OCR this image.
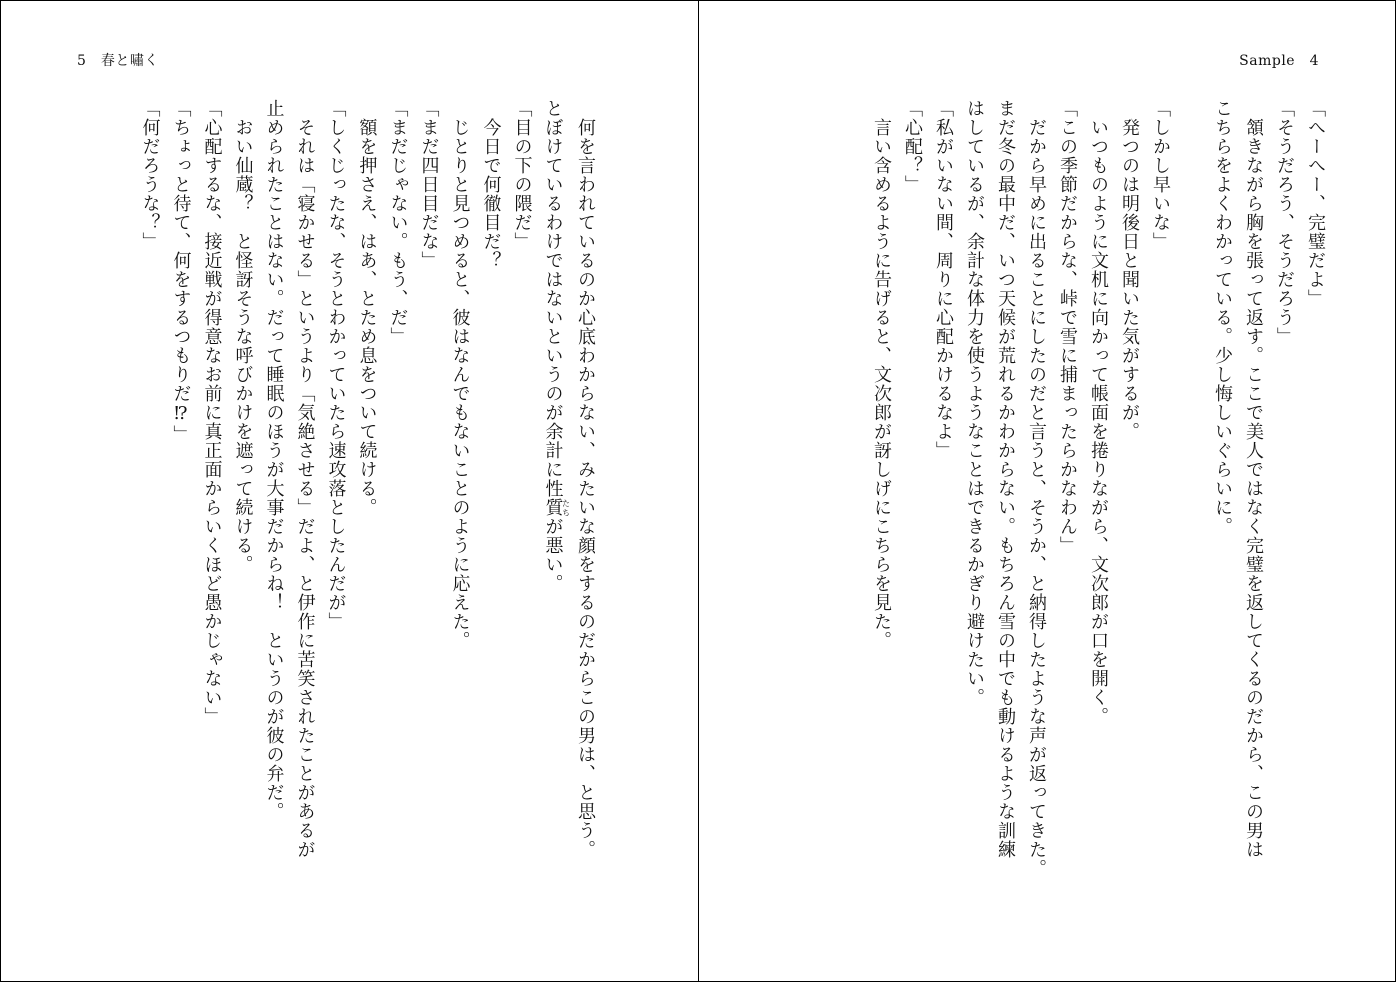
5　春と嘯く
　何を言われているのか心底わからない、みたいな顔をするのだからこの男は、と思う。
とぼけているわけではないというのが余計に性質たちが悪い。
「目の下の隈だ」
　今日で何徹目だ？
　じとりと見つめると、彼はなんでもないことのように応えた。
「まだ四日目だな」
「まだじゃない。もう、だ」
　額を押さえ、はあ、とため息をついて続ける。
「しくじったな、そうとわかっていたら速攻落としたんだが」
　それは「寝かせる」というより「気絶させる」だよ、と伊作に苦笑されたことがあるが
止められたことはない。だって睡眠のほうが大事だからね！　というのが彼の弁だ。
　おい仙蔵？　と怪訝そうな呼びかけを遮って続ける。
「心配するな、接近戦が得意なお前に真正面からいくほど愚かじゃない」
「ちょっと待て、何をするつもりだ⁉」
「何だろうな？」
Sample　4
「へーへー、完璧だよ」
「そうだろう、そうだろう」
　頷きながら胸を張って返す。ここで美人ではなく完璧を返してくるのだから、この男は
こちらをよくわかっている。少し悔しいぐらいに。

「しかし早いな」
　発つのは明後日と聞いた気がするが。
　いつものように文机に向かって帳面を捲りながら、文次郎が口を開く。
「この季節だからな、峠で雪に捕まったらかなわん」
　だから早めに出ることにしたのだと言うと、そうか、と納得したような声が返ってきた。
まだ冬の最中だ、いつ天候が荒れるかわからない。もちろん雪の中でも動けるような訓練
はしているが、余計な体力を使うようなことはできるかぎり避けたい。
「私がいない間、周りに心配かけるなよ」
「心配？」
　言い含めるように告げると、文次郎が訝しげにこちらを見た。
